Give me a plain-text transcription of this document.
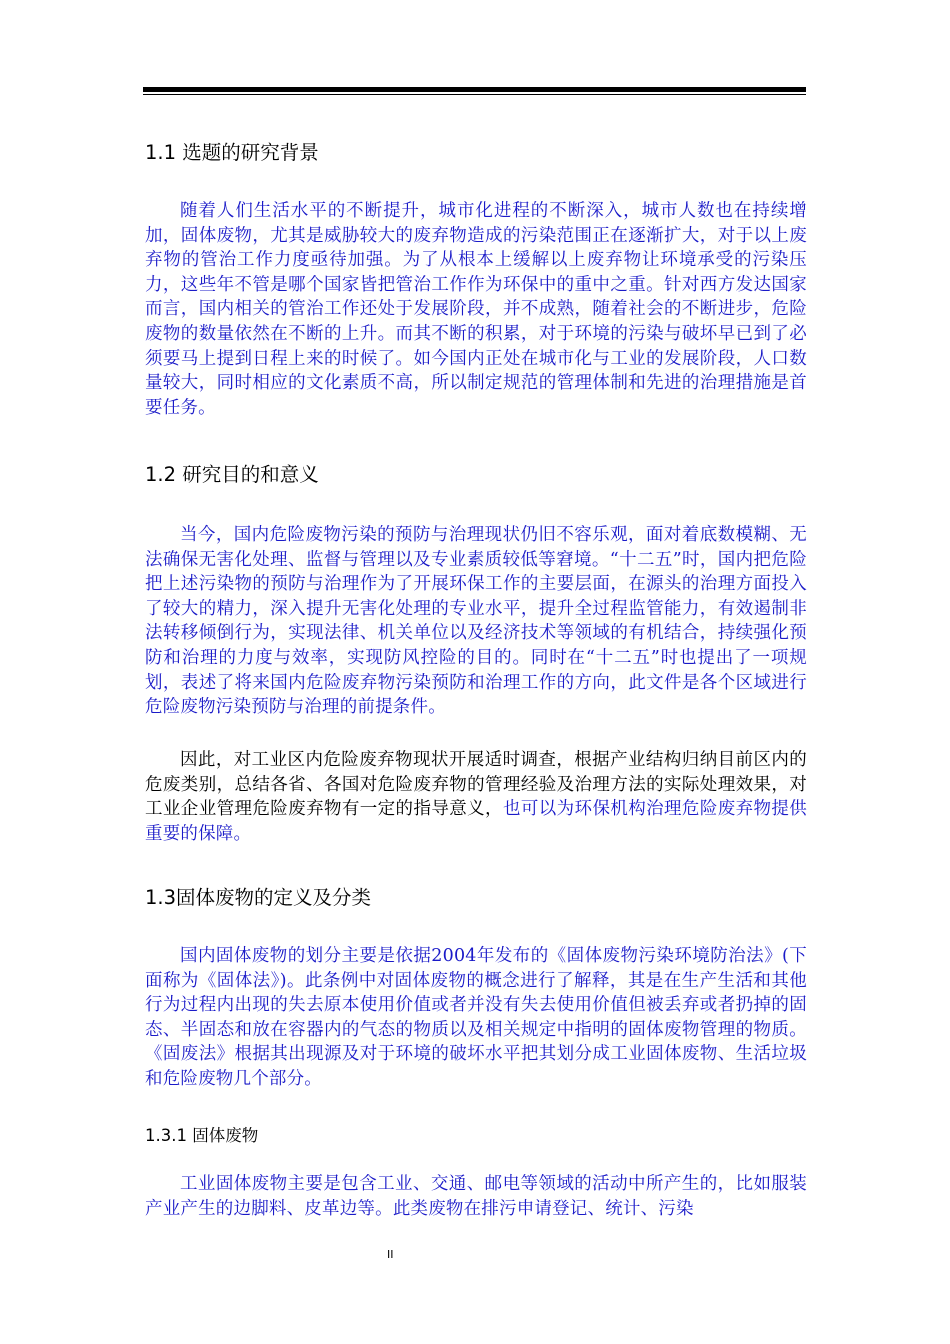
1.1 选题的研究背景
随着人们生活水平的不断提升，城市化进程的不断深入，城市人数也在持续增加，固体废物，尤其是威胁较大的废弃物造成的污染范围正在逐渐扩大，对于以上废弃物的管治工作力度亟待加强。为了从根本上缓解以上废弃物让环境承受的污染压力，这些年不管是哪个国家皆把管治工作作为环保中的重中之重。针对西方发达国家而言，国内相关的管治工作还处于发展阶段，并不成熟，随着社会的不断进步，危险废物的数量依然在不断的上升。而其不断的积累，对于环境的污染与破坏早已到了必须要马上提到日程上来的时候了。如今国内正处在城市化与工业的发展阶段，人口数量较大，同时相应的文化素质不高，所以制定规范的管理体制和先进的治理措施是首要任务。
1.2 研究目的和意义
当今，国内危险废物污染的预防与治理现状仍旧不容乐观，面对着底数模糊、无法确保无害化处理、监督与管理以及专业素质较低等窘境。“十二五”时，国内把危险把上述污染物的预防与治理作为了开展环保工作的主要层面，在源头的治理方面投入了较大的精力，深入提升无害化处理的专业水平，提升全过程监管能力，有效遏制非法转移倾倒行为，实现法律、机关单位以及经济技术等领域的有机结合，持续强化预防和治理的力度与效率，实现防风控险的目的。同时在“十二五”时也提出了一项规划，表述了将来国内危险废弃物污染预防和治理工作的方向，此文件是各个区域进行危险废物污染预防与治理的前提条件。
因此，对工业区内危险废弃物现状开展适时调查，根据产业结构归纳目前区内的危废类别，总结各省、各国对危险废弃物的管理经验及治理方法的实际处理效果，对工业企业管理危险废弃物有一定的指导意义，也可以为环保机构治理危险废弃物提供重要的保障。
1.3固体废物的定义及分类
国内固体废物的划分主要是依据2004年发布的《固体废物污染环境防治法》(下面称为《固体法》)。此条例中对固体废物的概念进行了解释，其是在生产生活和其他行为过程内出现的失去原本使用价值或者并没有失去使用价值但被丢弃或者扔掉的固态、半固态和放在容器内的气态的物质以及相关规定中指明的固体废物管理的物质。《固废法》根据其出现源及对于环境的破坏水平把其划分成工业固体废物、生活垃圾和危险废物几个部分。
1.3.1 固体废物
工业固体废物主要是包含工业、交通、邮电等领域的活动中所产生的，比如服装产业产生的边脚料、皮革边等。此类废物在排污申请登记、统计、污染
II
